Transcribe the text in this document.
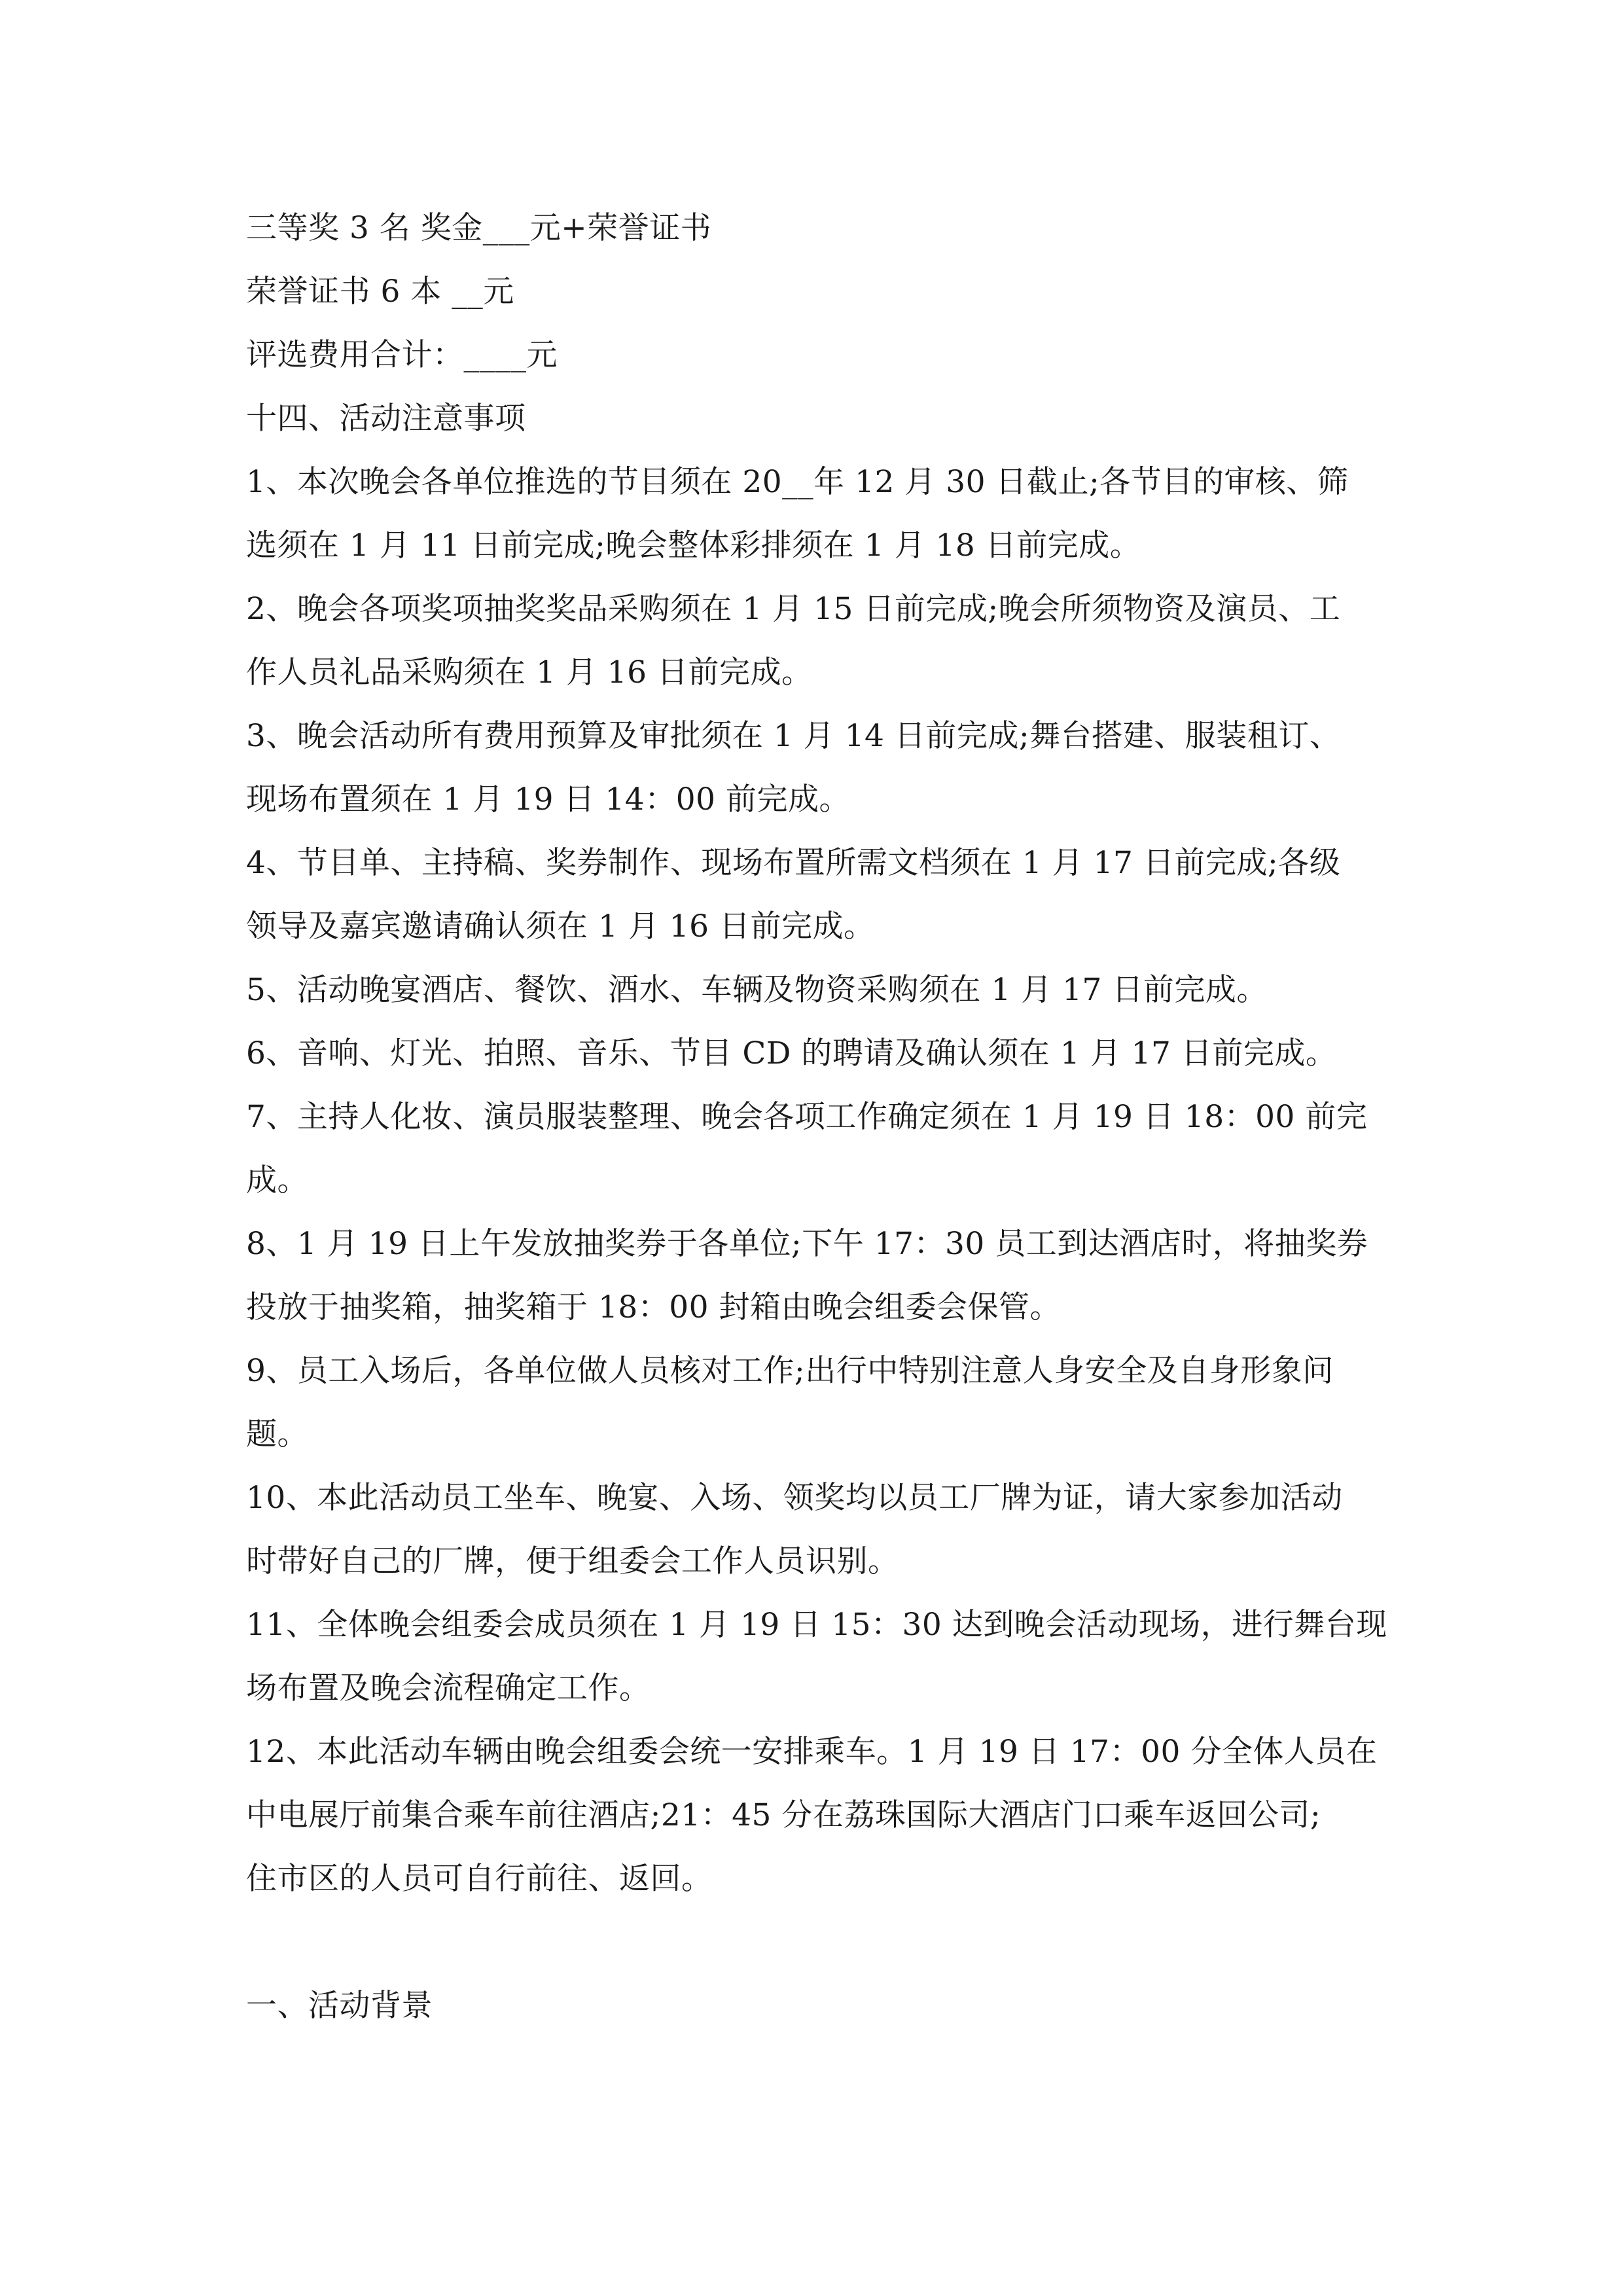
三等奖 3 名 奖金___元+荣誉证书
荣誉证书 6 本 __元
评选费用合计：____元
十四、活动注意事项
1、本次晚会各单位推选的节目须在 20__年 12 月 30 日截止;各节目的审核、筛
选须在 1 月 11 日前完成;晚会整体彩排须在 1 月 18 日前完成。
2、晚会各项奖项抽奖奖品采购须在 1 月 15 日前完成;晚会所须物资及演员、工
作人员礼品采购须在 1 月 16 日前完成。
3、晚会活动所有费用预算及审批须在 1 月 14 日前完成;舞台搭建、服装租订、
现场布置须在 1 月 19 日 14：00 前完成。
4、节目单、主持稿、奖券制作、现场布置所需文档须在 1 月 17 日前完成;各级
领导及嘉宾邀请确认须在 1 月 16 日前完成。
5、活动晚宴酒店、餐饮、酒水、车辆及物资采购须在 1 月 17 日前完成。
6、音响、灯光、拍照、音乐、节目 CD 的聘请及确认须在 1 月 17 日前完成。
7、主持人化妆、演员服装整理、晚会各项工作确定须在 1 月 19 日 18：00 前完
成。
8、1 月 19 日上午发放抽奖券于各单位;下午 17：30 员工到达酒店时，将抽奖券
投放于抽奖箱，抽奖箱于 18：00 封箱由晚会组委会保管。
9、员工入场后，各单位做人员核对工作;出行中特别注意人身安全及自身形象问
题。
10、本此活动员工坐车、晚宴、入场、领奖均以员工厂牌为证，请大家参加活动
时带好自己的厂牌，便于组委会工作人员识别。
11、全体晚会组委会成员须在 1 月 19 日 15：30 达到晚会活动现场，进行舞台现
场布置及晚会流程确定工作。
12、本此活动车辆由晚会组委会统一安排乘车。1 月 19 日 17：00 分全体人员在
中电展厅前集合乘车前往酒店;21：45 分在荔珠国际大酒店门口乘车返回公司;
住市区的人员可自行前往、返回。
一、活动背景
